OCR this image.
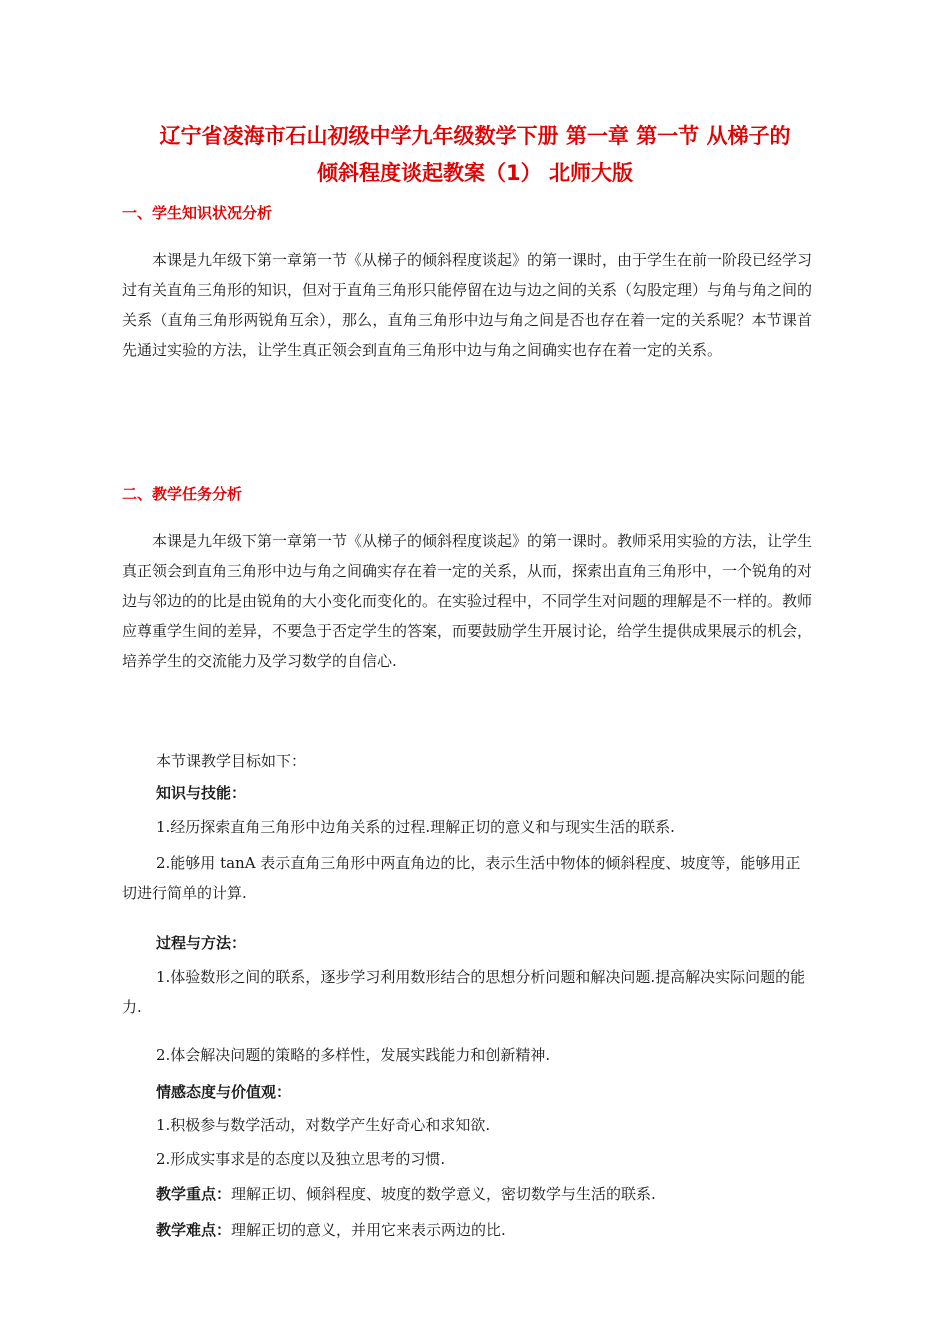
辽宁省凌海市石山初级中学九年级数学下册 第一章 第一节 从梯子的
倾斜程度谈起教案（1） 北师大版
一、学生知识状况分析

本课是九年级下第一章第一节《从梯子的倾斜程度谈起》的第一课时，由于学生在前一阶段已经学习过有关直角三角形的知识，但对于直角三角形只能停留在边与边之间的关系（勾股定理）与角与角之间的关系（直角三角形两锐角互余），那么，直角三角形中边与角之间是否也存在着一定的关系呢？本节课首先通过实验的方法，让学生真正领会到直角三角形中边与角之间确实也存在着一定的关系。

二、教学任务分析

本课是九年级下第一章第一节《从梯子的倾斜程度谈起》的第一课时。教师采用实验的方法，让学生真正领会到直角三角形中边与角之间确实存在着一定的关系，从而，探索出直角三角形中，一个锐角的对边与邻边的的比是由锐角的大小变化而变化的。在实验过程中，不同学生对问题的理解是不一样的。教师应尊重学生间的差异，不要急于否定学生的答案，而要鼓励学生开展讨论，给学生提供成果展示的机会，培养学生的交流能力及学习数学的自信心.

本节课教学目标如下：

知识与技能：

1.经历探索直角三角形中边角关系的过程.理解正切的意义和与现实生活的联系.

2.能够用 tanA 表示直角三角形中两直角边的比，表示生活中物体的倾斜程度、坡度等，能够用正切进行简单的计算.

过程与方法：

1.体验数形之间的联系，逐步学习利用数形结合的思想分析问题和解决问题.提高解决实际问题的能力.

2.体会解决问题的策略的多样性，发展实践能力和创新精神.

情感态度与价值观：

1.积极参与数学活动，对数学产生好奇心和求知欲.

2.形成实事求是的态度以及独立思考的习惯.

教学重点：理解正切、倾斜程度、坡度的数学意义，密切数学与生活的联系.

教学难点：理解正切的意义，并用它来表示两边的比.
